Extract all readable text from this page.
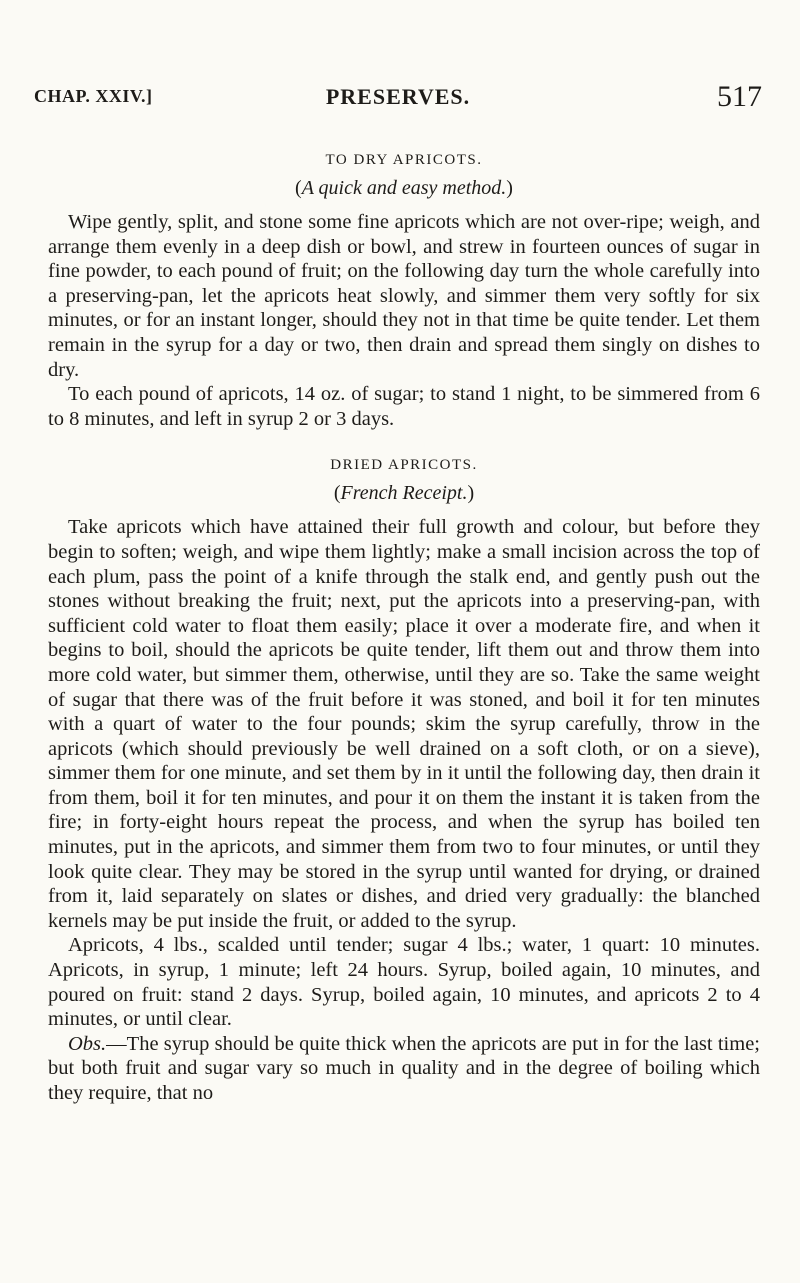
CHAP. XXIV.]	PRESERVES.	517
TO DRY APRICOTS.
(A quick and easy method.)

Wipe gently, split, and stone some fine apricots which are not over-ripe; weigh, and arrange them evenly in a deep dish or bowl, and strew in fourteen ounces of sugar in fine powder, to each pound of fruit; on the following day turn the whole carefully into a preserving-pan, let the apricots heat slowly, and simmer them very softly for six minutes, or for an instant longer, should they not in that time be quite tender. Let them remain in the syrup for a day or two, then drain and spread them singly on dishes to dry.

To each pound of apricots, 14 oz. of sugar; to stand 1 night, to be simmered from 6 to 8 minutes, and left in syrup 2 or 3 days.

DRIED APRICOTS.
(French Receipt.)

Take apricots which have attained their full growth and colour, but before they begin to soften; weigh, and wipe them lightly; make a small incision across the top of each plum, pass the point of a knife through the stalk end, and gently push out the stones without breaking the fruit; next, put the apricots into a preserving-pan, with sufficient cold water to float them easily; place it over a moderate fire, and when it begins to boil, should the apricots be quite tender, lift them out and throw them into more cold water, but simmer them, otherwise, until they are so. Take the same weight of sugar that there was of the fruit before it was stoned, and boil it for ten minutes with a quart of water to the four pounds; skim the syrup carefully, throw in the apricots (which should previously be well drained on a soft cloth, or on a sieve), simmer them for one minute, and set them by in it until the following day, then drain it from them, boil it for ten minutes, and pour it on them the instant it is taken from the fire; in forty-eight hours repeat the process, and when the syrup has boiled ten minutes, put in the apricots, and simmer them from two to four minutes, or until they look quite clear. They may be stored in the syrup until wanted for drying, or drained from it, laid separately on slates or dishes, and dried very gradually: the blanched kernels may be put inside the fruit, or added to the syrup.

Apricots, 4 lbs., scalded until tender; sugar 4 lbs.; water, 1 quart: 10 minutes. Apricots, in syrup, 1 minute; left 24 hours. Syrup, boiled again, 10 minutes, and poured on fruit: stand 2 days. Syrup, boiled again, 10 minutes, and apricots 2 to 4 minutes, or until clear.

Obs.—The syrup should be quite thick when the apricots are put in for the last time; but both fruit and sugar vary so much in quality and in the degree of boiling which they require, that no
